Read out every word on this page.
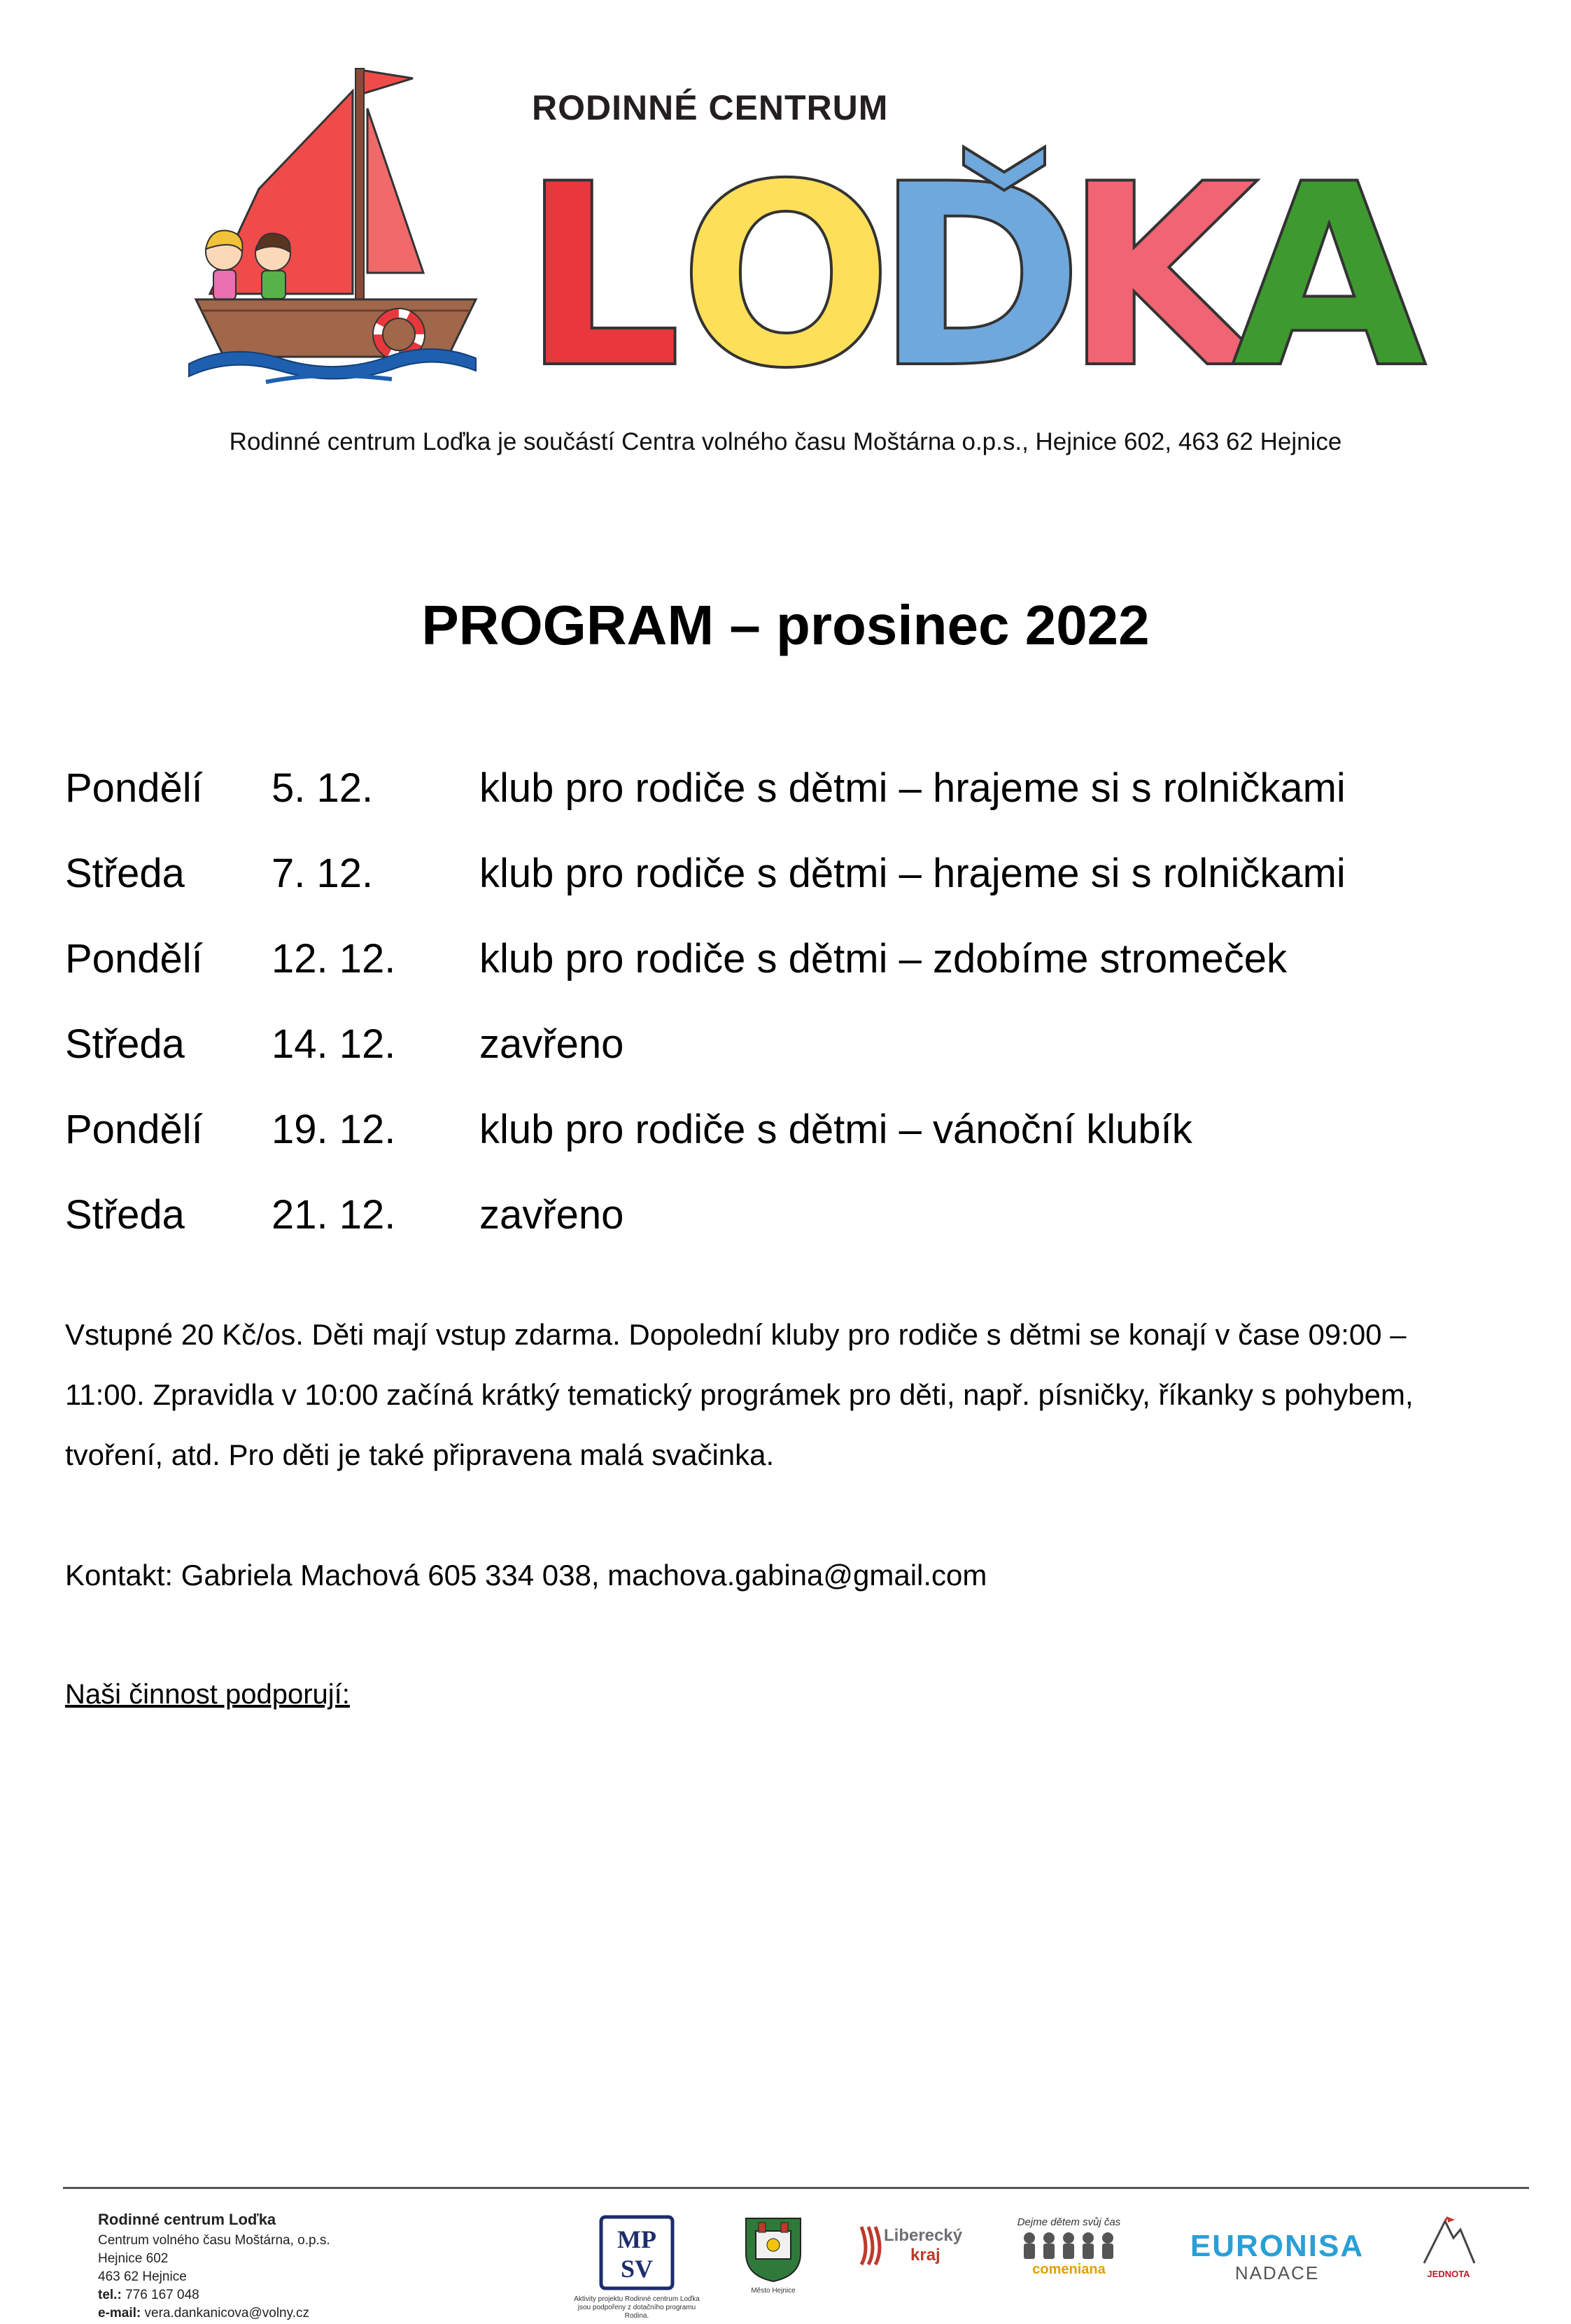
RODINNÉ CENTRUM
L
O
D
K
A
Rodinné centrum Loďka je součástí Centra volného času Moštárna o.p.s., Hejnice 602, 463 62 Hejnice
PROGRAM – prosinec 2022
Pondělí	5. 12.	klub pro rodiče s dětmi – hrajeme si s rolničkami
Středa	7. 12.	klub pro rodiče s dětmi – hrajeme si s rolničkami
Pondělí	12. 12.	klub pro rodiče s dětmi – zdobíme stromeček
Středa	14. 12.	zavřeno
Pondělí	19. 12.	klub pro rodiče s dětmi – vánoční klubík
Středa	21. 12.	zavřeno
Vstupné 20 Kč/os. Děti mají vstup zdarma. Dopolední kluby pro rodiče s dětmi se konají v čase 09:00 –
11:00. Zpravidla v 10:00 začíná krátký tematický prográmek pro děti, např. písničky, říkanky s pohybem,
tvoření, atd. Pro děti je také připravena malá svačinka.
Kontakt: Gabriela Machová 605 334 038, machova.gabina@gmail.com
Naši činnost podporují:
Rodinné centrum Loďka
Centrum volného času Moštárna, o.p.s.
Hejnice 602
463 62 Hejnice
tel.: 776 167 048
e-mail: vera.dankanicova@volny.cz
MP
SV
Aktivity projektu Rodinné centrum Loďka jsou podpořeny z dotačního programu Rodina.
Město Hejnice
Liberecký
kraj
Dejme dětem svůj čas
comeniana
EURONISA
NADACE	JEDNOTA
